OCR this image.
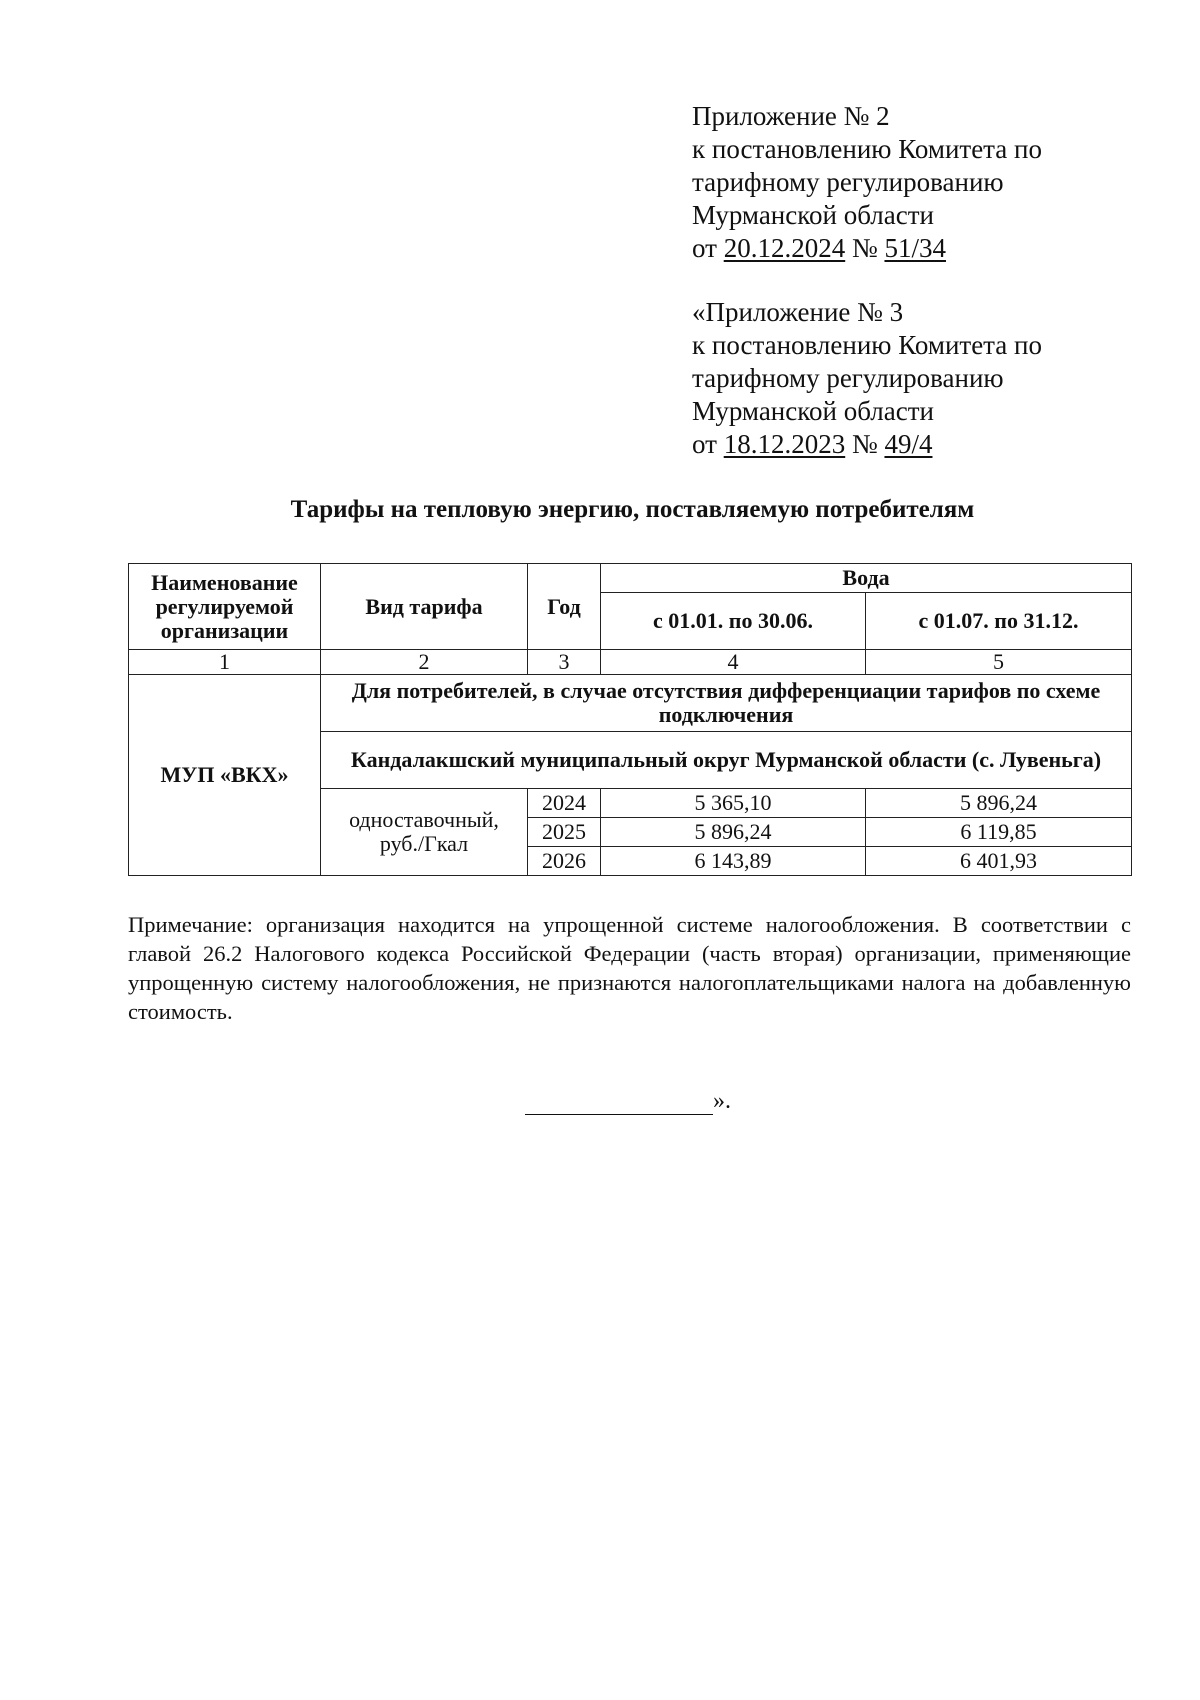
Приложение № 2
к постановлению Комитета по
тарифному регулированию
Мурманской области
от 20.12.2024 № 51/34
«Приложение № 3
к постановлению Комитета по
тарифному регулированию
Мурманской области
от 18.12.2023 № 49/4
Тарифы на тепловую энергию, поставляемую потребителям
Наименование регулируемой организации	Вид тарифа	Год	Вода	
			с 01.01. по 30.06.	с 01.07. по 31.12.
1	2	3	4	5
МУП «ВКХ»	Для потребителей, в случае отсутствия дифференциации тарифов по схеме подключения			
	Кандалакшский муниципальный округ Мурманской области (с. Лувеньга)			
	одноставочный, руб./Гкал	2024	5 365,10	5 896,24
		2025	5 896,24	6 119,85
		2026	6 143,89	6 401,93
Примечание: организация находится на упрощенной системе налогообложения. В соответствии с главой 26.2 Налогового кодекса Российской Федерации (часть вторая) организации, применяющие упрощенную систему налогообложения, не признаются налогоплательщиками налога на добавленную стоимость.
».
